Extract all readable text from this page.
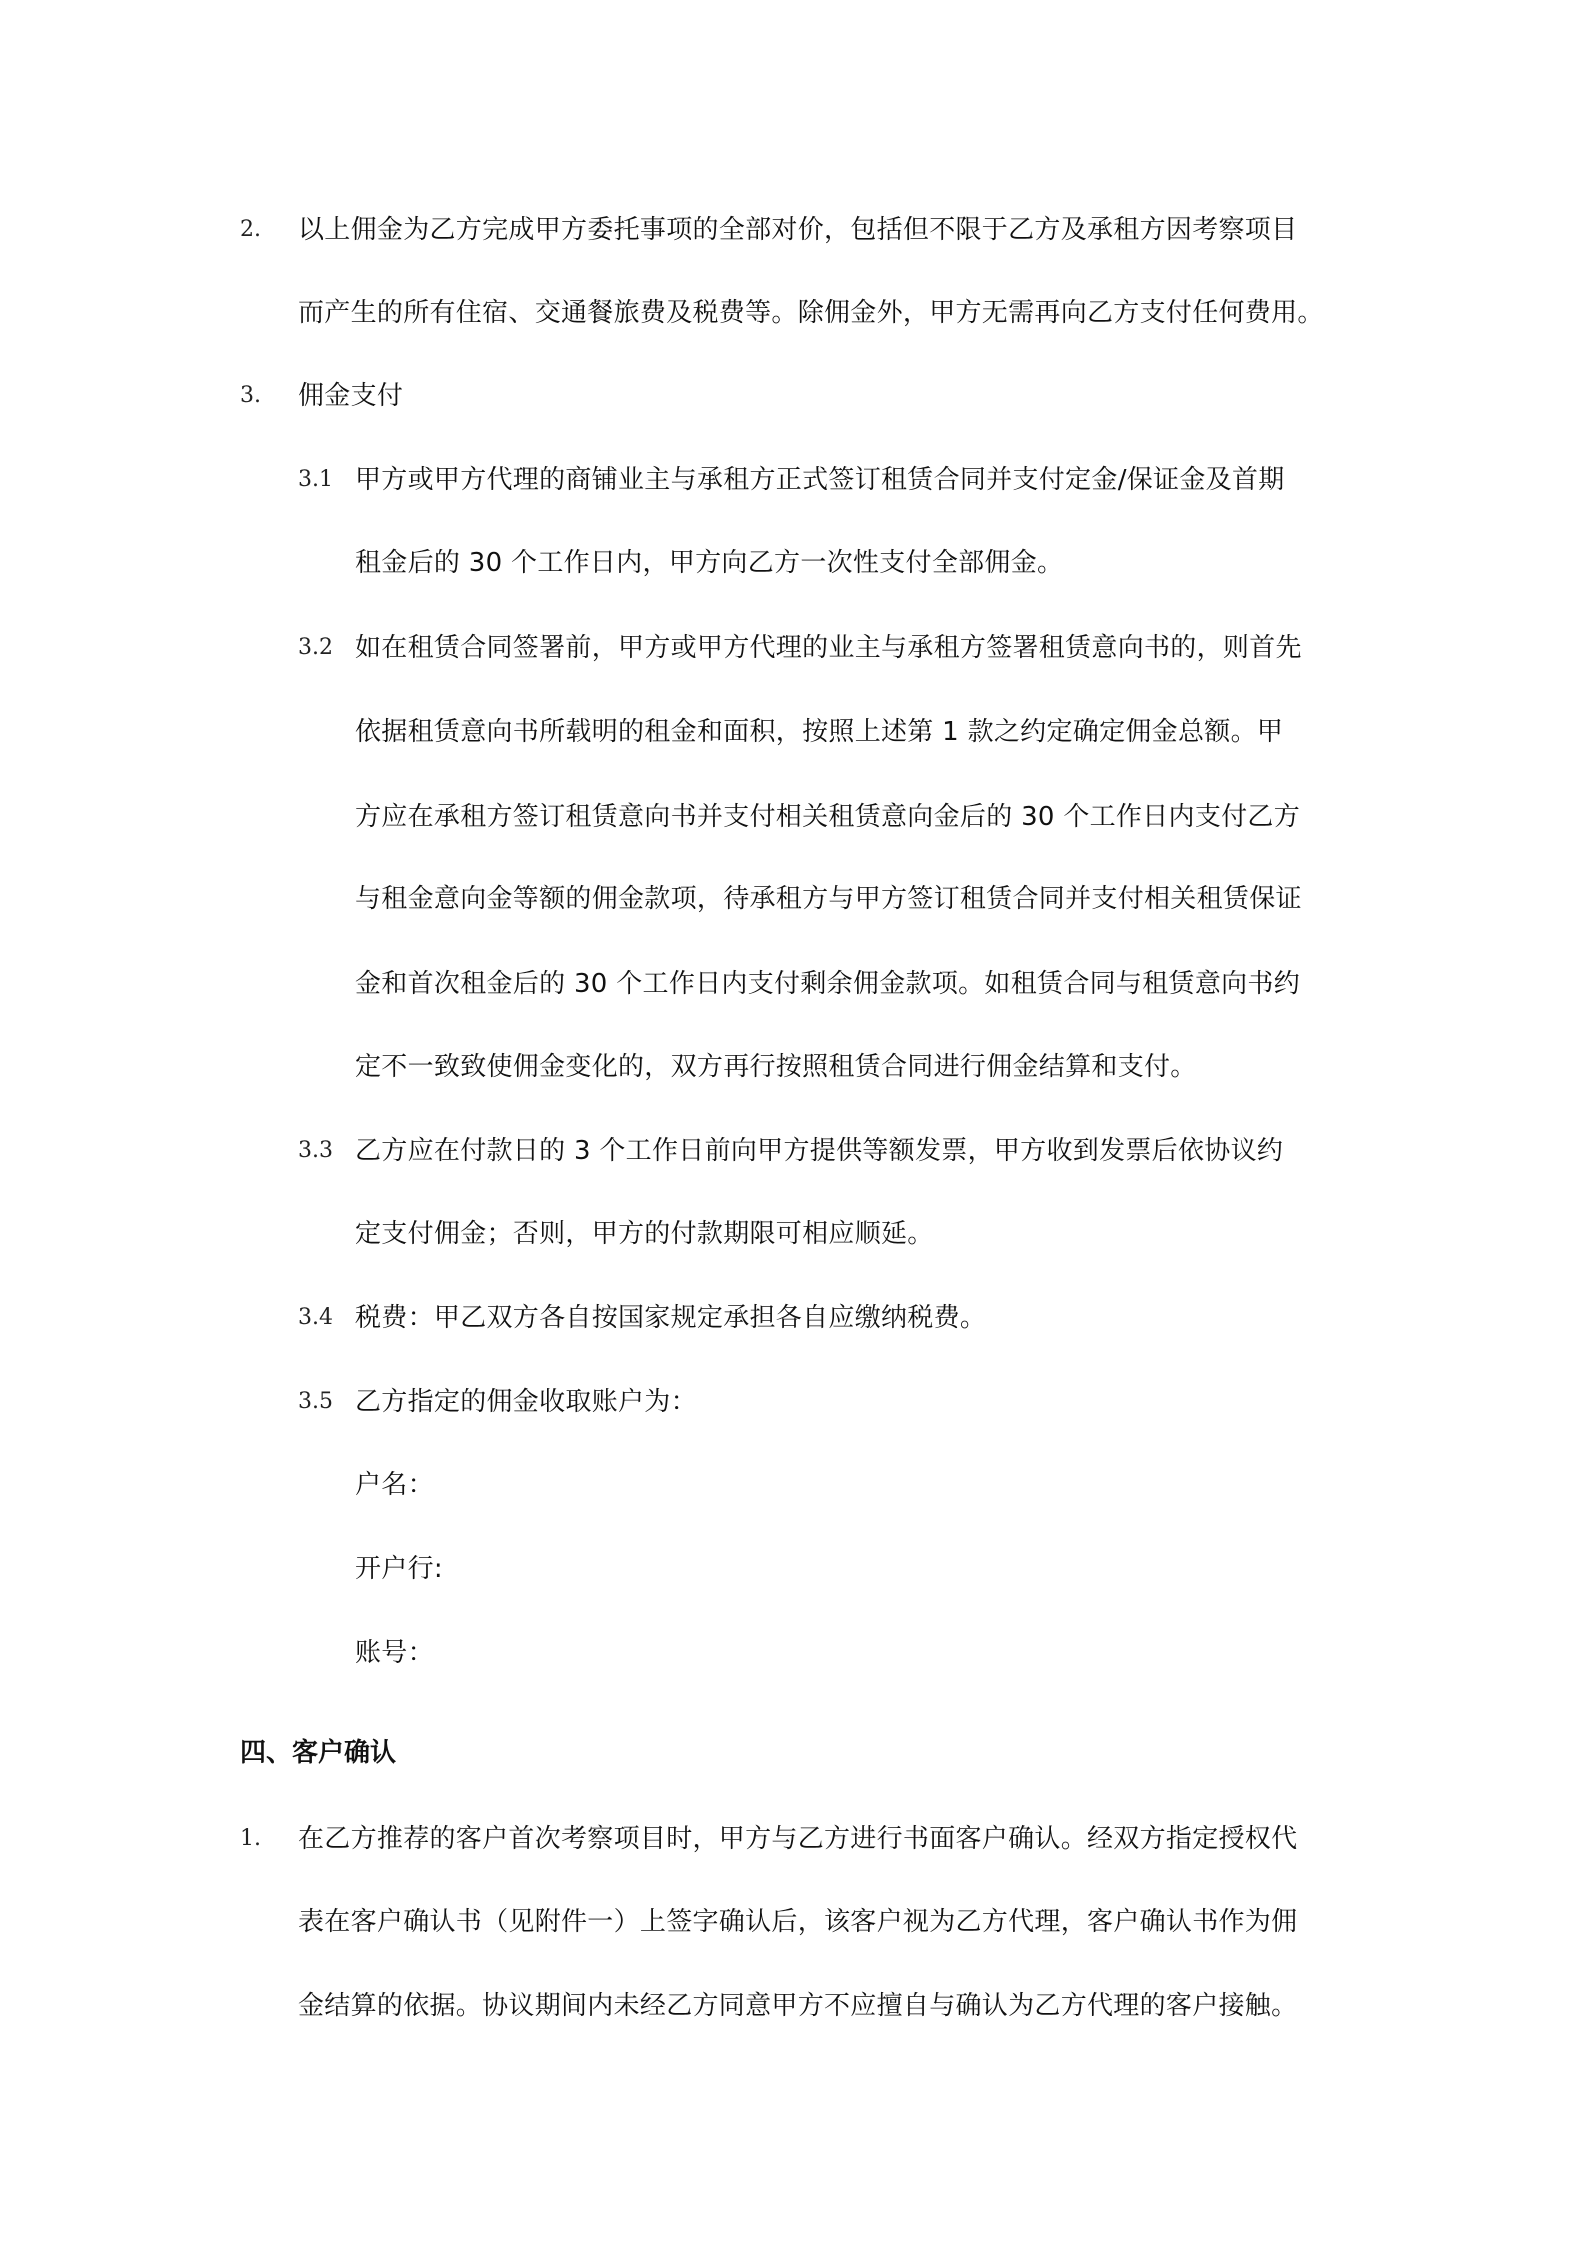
2. 以上佣金为乙方完成甲方委托事项的全部对价，包括但不限于乙方及承租方因考察项目
而产生的所有住宿、交通餐旅费及税费等。除佣金外，甲方无需再向乙方支付任何费用。
3. 佣金支付
3.1 甲方或甲方代理的商铺业主与承租方正式签订租赁合同并支付定金/保证金及首期
租金后的 30 个工作日内，甲方向乙方一次性支付全部佣金。
3.2 如在租赁合同签署前，甲方或甲方代理的业主与承租方签署租赁意向书的，则首先
依据租赁意向书所载明的租金和面积，按照上述第 1 款之约定确定佣金总额。甲
方应在承租方签订租赁意向书并支付相关租赁意向金后的 30 个工作日内支付乙方
与租金意向金等额的佣金款项，待承租方与甲方签订租赁合同并支付相关租赁保证
金和首次租金后的 30 个工作日内支付剩余佣金款项。如租赁合同与租赁意向书约
定不一致致使佣金变化的，双方再行按照租赁合同进行佣金结算和支付。
3.3 乙方应在付款日的 3 个工作日前向甲方提供等额发票，甲方收到发票后依协议约
定支付佣金；否则，甲方的付款期限可相应顺延。
3.4 税费：甲乙双方各自按国家规定承担各自应缴纳税费。
3.5 乙方指定的佣金收取账户为：
户名：
开户行:
账号：
四、客户确认
1. 在乙方推荐的客户首次考察项目时，甲方与乙方进行书面客户确认。经双方指定授权代
表在客户确认书（见附件一）上签字确认后，该客户视为乙方代理，客户确认书作为佣
金结算的依据。协议期间内未经乙方同意甲方不应擅自与确认为乙方代理的客户接触。
